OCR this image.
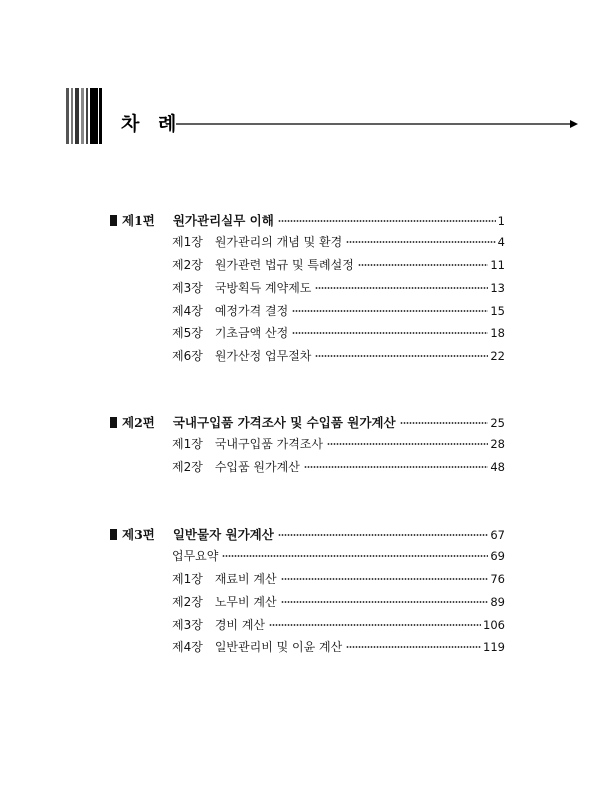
차 례
제1편 원가관리실무 이해	1
제1장 원가관리의 개념 및 환경	4
제2장 원가관련 법규 및 특례설정	11
제3장 국방획득 계약제도	13
제4장 예정가격 결정	15
제5장 기초금액 산정	18
제6장 원가산정 업무절차	22
제2편 국내구입품 가격조사 및 수입품 원가계산	25
제1장 국내구입품 가격조사	28
제2장 수입품 원가계산	48
제3편 일반물자 원가계산	67
업무요약	69
제1장 재료비 계산	76
제2장 노무비 계산	89
제3장 경비 계산	106
제4장 일반관리비 및 이윤 계산	119
